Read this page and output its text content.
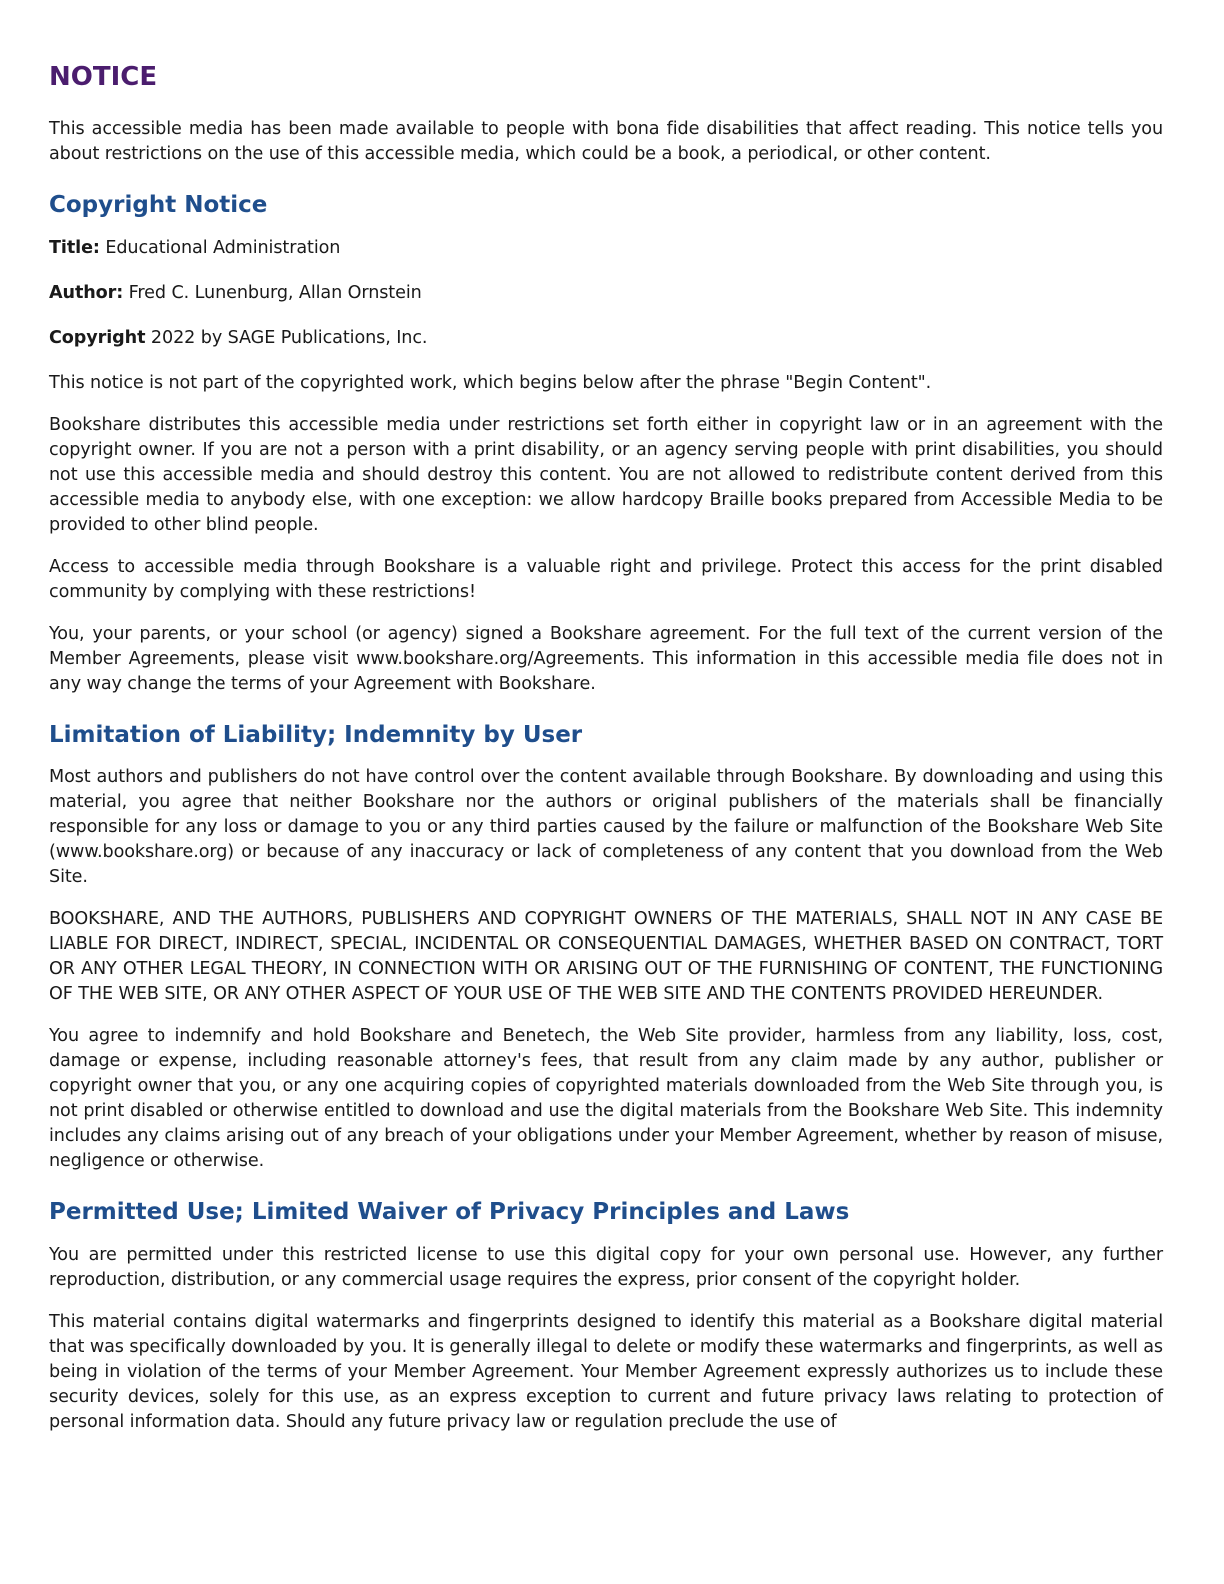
NOTICE

This accessible media has been made available to people with bona fide disabilities that affect reading. This notice tells you about restrictions on the use of this accessible media, which could be a book, a periodical, or other content.

Copyright Notice

Title: Educational Administration

Author: Fred C. Lunenburg, Allan Ornstein

Copyright 2022 by SAGE Publications, Inc.

This notice is not part of the copyrighted work, which begins below after the phrase "Begin Content".

Bookshare distributes this accessible media under restrictions set forth either in copyright law or in an agreement with the copyright owner. If you are not a person with a print disability, or an agency serving people with print disabilities, you should not use this accessible media and should destroy this content. You are not allowed to redistribute content derived from this accessible media to anybody else, with one exception: we allow hardcopy Braille books prepared from Accessible Media to be provided to other blind people.

Access to accessible media through Bookshare is a valuable right and privilege. Protect this access for the print disabled community by complying with these restrictions!

You, your parents, or your school (or agency) signed a Bookshare agreement. For the full text of the current version of the Member Agreements, please visit www.bookshare.org/Agreements. This information in this accessible media file does not in any way change the terms of your Agreement with Bookshare.

Limitation of Liability; Indemnity by User

Most authors and publishers do not have control over the content available through Bookshare. By downloading and using this material, you agree that neither Bookshare nor the authors or original publishers of the materials shall be financially responsible for any loss or damage to you or any third parties caused by the failure or malfunction of the Bookshare Web Site (www.bookshare.org) or because of any inaccuracy or lack of completeness of any content that you download from the Web Site.

BOOKSHARE, AND THE AUTHORS, PUBLISHERS AND COPYRIGHT OWNERS OF THE MATERIALS, SHALL NOT IN ANY CASE BE LIABLE FOR DIRECT, INDIRECT, SPECIAL, INCIDENTAL OR CONSEQUENTIAL DAMAGES, WHETHER BASED ON CONTRACT, TORT OR ANY OTHER LEGAL THEORY, IN CONNECTION WITH OR ARISING OUT OF THE FURNISHING OF CONTENT, THE FUNCTIONING OF THE WEB SITE, OR ANY OTHER ASPECT OF YOUR USE OF THE WEB SITE AND THE CONTENTS PROVIDED HEREUNDER.

You agree to indemnify and hold Bookshare and Benetech, the Web Site provider, harmless from any liability, loss, cost, damage or expense, including reasonable attorney's fees, that result from any claim made by any author, publisher or copyright owner that you, or any one acquiring copies of copyrighted materials downloaded from the Web Site through you, is not print disabled or otherwise entitled to download and use the digital materials from the Bookshare Web Site. This indemnity includes any claims arising out of any breach of your obligations under your Member Agreement, whether by reason of misuse, negligence or otherwise.

Permitted Use; Limited Waiver of Privacy Principles and Laws

You are permitted under this restricted license to use this digital copy for your own personal use. However, any further reproduction, distribution, or any commercial usage requires the express, prior consent of the copyright holder.

This material contains digital watermarks and fingerprints designed to identify this material as a Bookshare digital material that was specifically downloaded by you. It is generally illegal to delete or modify these watermarks and fingerprints, as well as being in violation of the terms of your Member Agreement. Your Member Agreement expressly authorizes us to include these security devices, solely for this use, as an express exception to current and future privacy laws relating to protection of personal information data. Should any future privacy law or regulation preclude the use of
